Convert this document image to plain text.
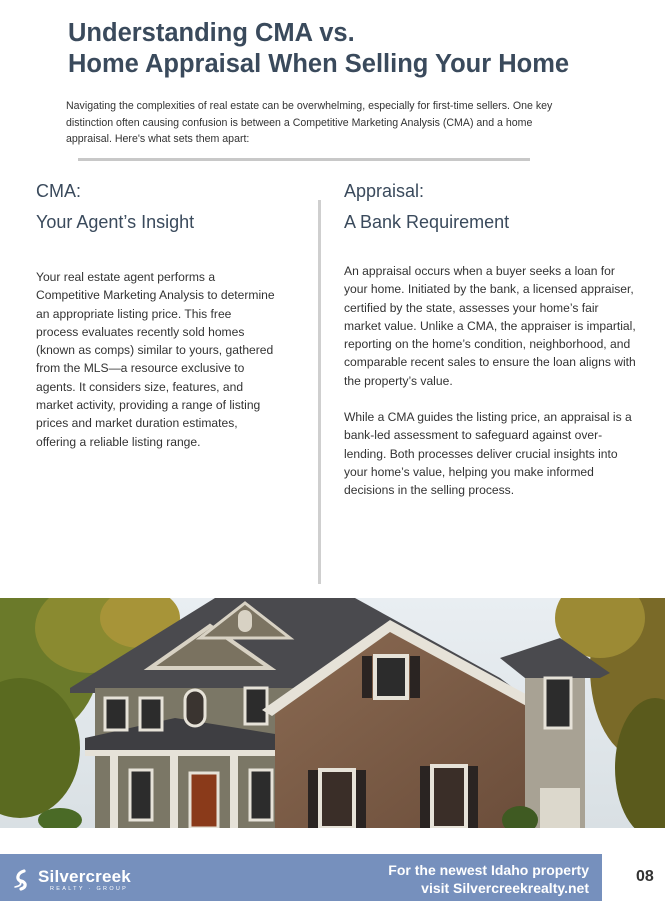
Understanding CMA vs.
Home Appraisal When Selling Your Home

Navigating the complexities of real estate can be overwhelming, especially for first-time sellers. One key distinction often causing confusion is between a Competitive Marketing Analysis (CMA) and a home appraisal. Here's what sets them apart:

CMA:
Your Agent’s Insight

Your real estate agent performs a Competitive Marketing Analysis to determine an appropriate listing price. This free process evaluates recently sold homes (known as comps) similar to yours, gathered from the MLS—a resource exclusive to agents. It considers size, features, and market activity, providing a range of listing prices and market duration estimates, offering a reliable listing range.

Appraisal:
A Bank Requirement

An appraisal occurs when a buyer seeks a loan for your home. Initiated by the bank, a licensed appraiser, certified by the state, assesses your home’s fair market value. Unlike a CMA, the appraiser is impartial, reporting on the home’s condition, neighborhood, and comparable recent sales to ensure the loan aligns with the property’s value.

While a CMA guides the listing price, an appraisal is a bank-led assessment to safeguard against over-lending. Both processes deliver crucial insights into your home’s value, helping you make informed decisions in the selling process.

Silvercreek
REALTY · GROUP
For the newest Idaho property
visit Silvercreekrealty.net
08
